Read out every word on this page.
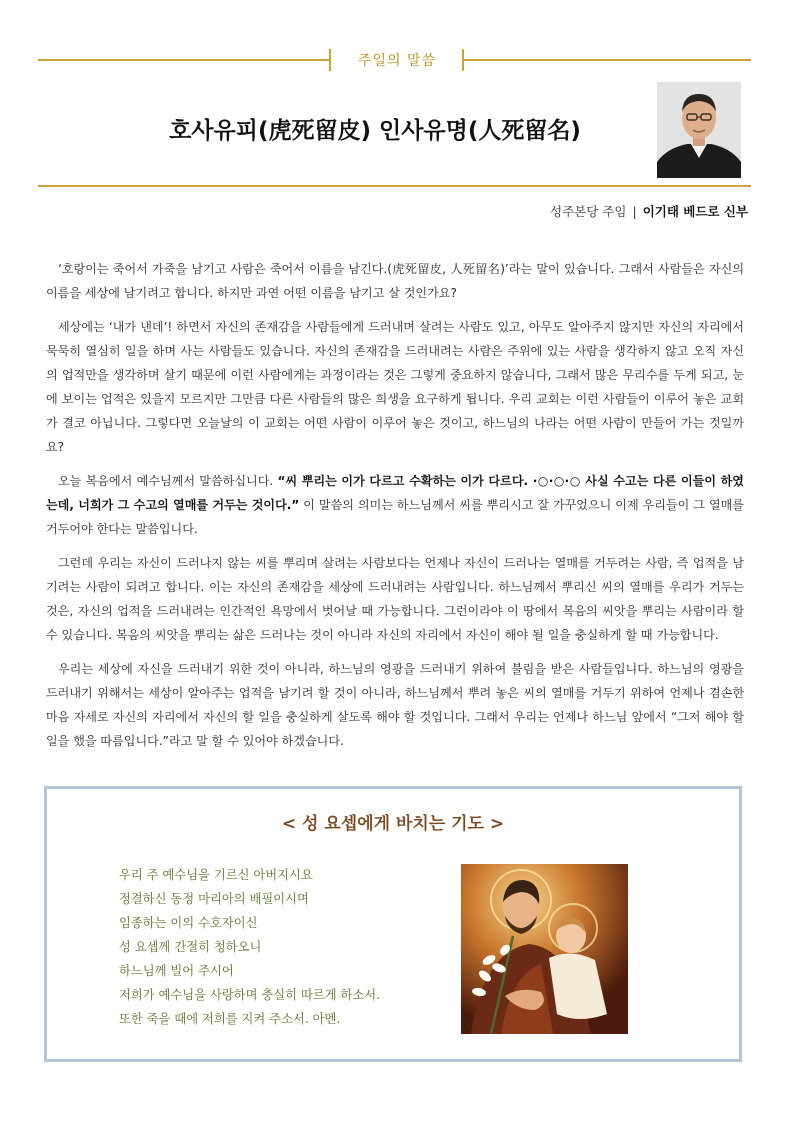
주일의 말씀
호사유피(虎死留皮) 인사유명(人死留名)
성주본당 주임 | 이기태 베드로 신부

‘호랑이는 죽어서 가죽을 남기고 사람은 죽어서 이름을 남긴다.(虎死留皮, 人死留名)’라는 말이 있습니다. 그래서 사람들은 자신의 이름을 세상에 남기려고 합니다. 하지만 과연 어떤 이름을 남기고 살 것인가요?

세상에는 ‘내가 낸데’! 하면서 자신의 존재감을 사람들에게 드러내며 살려는 사람도 있고, 아무도 알아주지 않지만 자신의 자리에서 묵묵히 열심히 일을 하며 사는 사람들도 있습니다. 자신의 존재감을 드러내려는 사람은 주위에 있는 사람을 생각하지 않고 오직 자신의 업적만을 생각하며 살기 때문에 이런 사람에게는 과정이라는 것은 그렇게 중요하지 않습니다, 그래서 많은 무리수를 두게 되고, 눈에 보이는 업적은 있을지 모르지만 그만큼 다른 사람들의 많은 희생을 요구하게 됩니다. 우리 교회는 이런 사람들이 이루어 놓은 교회가 결코 아닙니다. 그렇다면 오늘날의 이 교회는 어떤 사람이 이루어 놓은 것이고, 하느님의 나라는 어떤 사람이 만들어 가는 것일까요?

오늘 복음에서 예수님께서 말씀하십니다. “씨 뿌리는 이가 다르고 수확하는 이가 다르다. ·○·○·○ 사실 수고는 다른 이들이 하였는데, 너희가 그 수고의 열매를 거두는 것이다.” 이 말씀의 의미는 하느님께서 씨를 뿌리시고 잘 가꾸었으니 이제 우리들이 그 열매를 거두어야 한다는 말씀입니다.

그런데 우리는 자신이 드러나지 않는 씨를 뿌리며 살려는 사람보다는 언제나 자신이 드러나는 열매를 거두려는 사람, 즉 업적을 남기려는 사람이 되려고 합니다. 이는 자신의 존재감을 세상에 드러내려는 사람입니다. 하느님께서 뿌리신 씨의 열매를 우리가 거두는 것은, 자신의 업적을 드러내려는 인간적인 욕망에서 벗어날 때 가능합니다. 그런이라야 이 땅에서 복음의 씨앗을 뿌리는 사람이라 할 수 있습니다. 복음의 씨앗을 뿌리는 삶은 드러나는 것이 아니라 자신의 자리에서 자신이 해야 될 일을 충실하게 할 때 가능합니다.

우리는 세상에 자신을 드러내기 위한 것이 아니라, 하느님의 영광을 드러내기 위하여 불림을 받은 사람들입니다. 하느님의 영광을 드러내기 위해서는 세상이 알아주는 업적을 남기려 할 것이 아니라, 하느님께서 뿌려 놓은 씨의 열매를 거두기 위하여 언제나 겸손한 마음 자세로 자신의 자리에서 자신의 할 일을 충실하게 살도록 해야 할 것입니다. 그래서 우리는 언제나 하느님 앞에서 “그저 해야 할 일을 했을 따름입니다.”라고 말 할 수 있어야 하겠습니다.

< 성 요셉에게 바치는 기도 >
우리 주 예수님을 기르신 아버지시요
정결하신 동정 마리아의 배필이시며
임종하는 이의 수호자이신
성 요셉께 간절히 청하오니
하느님께 빌어 주시어
저희가 예수님을 사랑하며 충실히 따르게 하소서.
또한 죽을 때에 저희를 지켜 주소서. 아멘.
